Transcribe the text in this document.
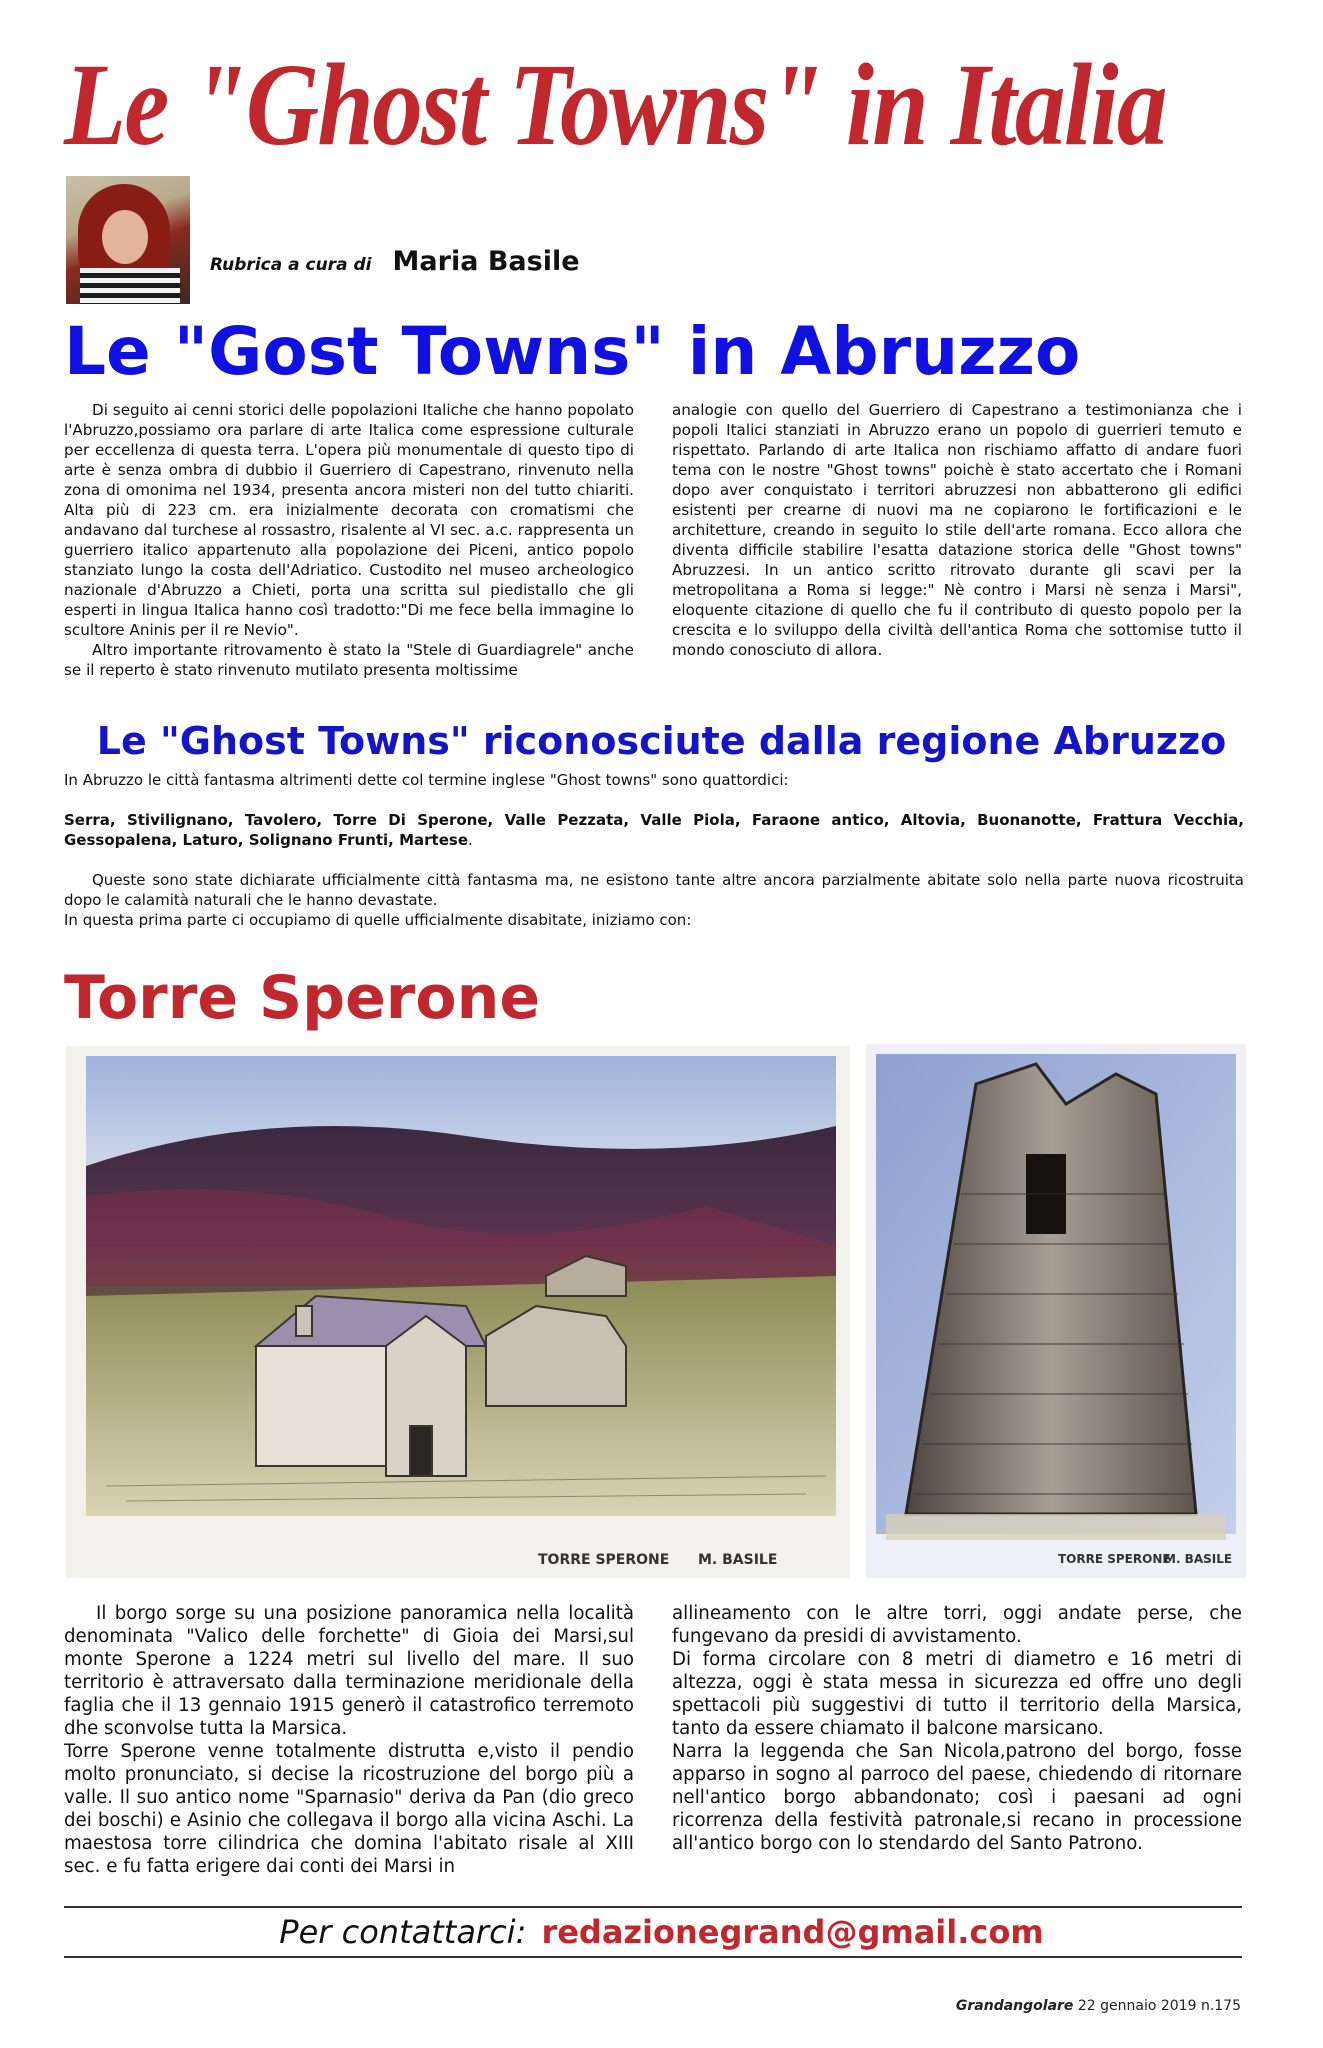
Le "Ghost Towns" in Italia
Rubrica a cura di Maria Basile
Le "Gost Towns" in Abruzzo

Di seguito ai cenni storici delle popolazioni Italiche che hanno popolato l'Abruzzo,possiamo ora parlare di arte Italica come espressione culturale per eccellenza di questa terra. L'opera più monumentale di questo tipo di arte è senza ombra di dubbio il Guerriero di Capestrano, rinvenuto nella zona di omonima nel 1934, presenta ancora misteri non del tutto chiariti. Alta più di 223 cm. era inizialmente decorata con cromatismi che andavano dal turchese al rossastro, risalente al VI sec. a.c. rappresenta un guerriero italico appartenuto alla popolazione dei Piceni, antico popolo stanziato lungo la costa dell'Adriatico. Custodito nel museo archeologico nazionale d'Abruzzo a Chieti, porta una scritta sul piedistallo che gli esperti in lingua Italica hanno così tradotto:"Di me fece bella immagine lo scultore Aninis per il re Nevio".

Altro importante ritrovamento è stato la "Stele di Guardiagrele" anche se il reperto è stato rinvenuto mutilato presenta moltissime

analogie con quello del Guerriero di Capestrano a testimonianza che i popoli Italici stanziati in Abruzzo erano un popolo di guerrieri temuto e rispettato. Parlando di arte Italica non rischiamo affatto di andare fuori tema con le nostre "Ghost towns" poichè è stato accertato che i Romani dopo aver conquistato i territori abruzzesi non abbatterono gli edifici esistenti per crearne di nuovi ma ne copiarono le fortificazioni e le architetture, creando in seguito lo stile dell'arte romana. Ecco allora che diventa difficile stabilire l'esatta datazione storica delle "Ghost towns" Abruzzesi. In un antico scritto ritrovato durante gli scavi per la metropolitana a Roma si legge:" Nè contro i Marsi nè senza i Marsi", eloquente citazione di quello che fu il contributo di questo popolo per la crescita e lo sviluppo della civiltà dell'antica Roma che sottomise tutto il mondo conosciuto di allora.

Le "Ghost Towns" riconosciute dalla regione Abruzzo

In Abruzzo le città fantasma altrimenti dette col termine inglese "Ghost towns" sono quattordici:

Serra, Stivilignano, Tavolero, Torre Di Sperone, Valle Pezzata, Valle Piola, Faraone antico, Altovia, Buonanotte, Frattura Vecchia, Gessopalena, Laturo, Solignano Frunti, Martese.

Queste sono state dichiarate ufficialmente città fantasma ma, ne esistono tante altre ancora parzialmente abitate solo nella parte nuova ricostruita dopo le calamità naturali che le hanno devastate.

In questa prima parte ci occupiamo di quelle ufficialmente disabitate, iniziamo con:

Torre Sperone
TORRE SPERONE M. BASILE	TORRE SPERONE
M. BASILE

Il borgo sorge su una posizione panoramica nella località denominata "Valico delle forchette" di Gioia dei Marsi,sul monte Sperone a 1224 metri sul livello del mare. Il suo territorio è attraversato dalla terminazione meridionale della faglia che il 13 gennaio 1915 generò il catastrofico terremoto dhe sconvolse tutta la Marsica.

Torre Sperone venne totalmente distrutta e,visto il pendio molto pronunciato, si decise la ricostruzione del borgo più a valle. Il suo antico nome "Sparnasio" deriva da Pan (dio greco dei boschi) e Asinio che collegava il borgo alla vicina Aschi. La maestosa torre cilindrica che domina l'abitato risale al XIII sec. e fu fatta erigere dai conti dei Marsi in

allineamento con le altre torri, oggi andate perse, che fungevano da presidi di avvistamento.

Di forma circolare con 8 metri di diametro e 16 metri di altezza, oggi è stata messa in sicurezza ed offre uno degli spettacoli più suggestivi di tutto il territorio della Marsica, tanto da essere chiamato il balcone marsicano.

Narra la leggenda che San Nicola,patrono del borgo, fosse apparso in sogno al parroco del paese, chiedendo di ritornare nell'antico borgo abbandonato; così i paesani ad ogni ricorrenza della festività patronale,si recano in processione all'antico borgo con lo stendardo del Santo Patrono.

Per contattarci: redazionegrand@gmail.com
Grandangolare 22 gennaio 2019 n.175
